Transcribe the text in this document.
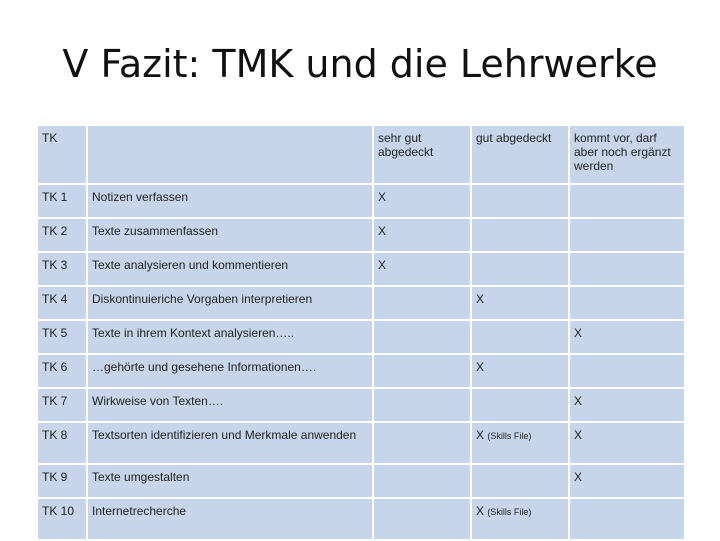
V Fazit: TMK und die Lehrwerke
TK		sehr gut abgedeckt	gut abgedeckt	kommt vor, darf aber noch ergänzt werden
TK 1	Notizen verfassen	X		
TK 2	Texte zusammenfassen	X		
TK 3	Texte analysieren und kommentieren	X		
TK 4	Diskontinuieriche Vorgaben interpretieren		X	
TK 5	Texte in ihrem Kontext analysieren…..			X
TK 6	…gehörte und gesehene Informationen….		X	
TK 7	Wirkweise von Texten….			X
TK 8	Textsorten identifizieren und Merkmale anwenden		X (Skills File)	X
TK 9	Texte umgestalten			X
TK 10	Internetrecherche		X (Skills File)	
